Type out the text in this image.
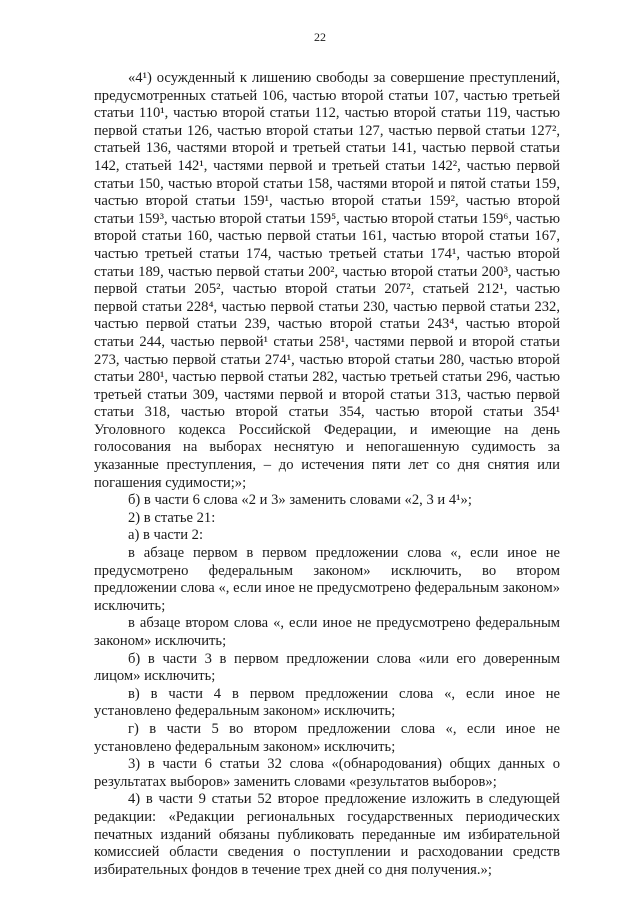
22

«4¹) осужденный к лишению свободы за совершение преступлений, предусмотренных статьей 106, частью второй статьи 107, частью третьей статьи 110¹, частью второй статьи 112, частью второй статьи 119, частью первой статьи 126, частью второй статьи 127, частью первой статьи 127², статьей 136, частями второй и третьей статьи 141, частью первой статьи 142, статьей 142¹, частями первой и третьей статьи 142², частью первой статьи 150, частью второй статьи 158, частями второй и пятой статьи 159, частью второй статьи 159¹, частью второй статьи 159², частью второй статьи 159³, частью второй статьи 159⁵, частью второй статьи 159⁶, частью второй статьи 160, частью первой статьи 161, частью второй статьи 167, частью третьей статьи 174, частью третьей статьи 174¹, частью второй статьи 189, частью первой статьи 200², частью второй статьи 200³, частью первой статьи 205², частью второй статьи 207², статьей 212¹, частью первой статьи 228⁴, частью первой статьи 230, частью первой статьи 232, частью первой статьи 239, частью второй статьи 243⁴, частью второй статьи 244, частью первой¹ статьи 258¹, частями первой и второй статьи 273, частью первой статьи 274¹, частью второй статьи 280, частью второй статьи 280¹, частью первой статьи 282, частью третьей статьи 296, частью третьей статьи 309, частями первой и второй статьи 313, частью первой статьи 318, частью второй статьи 354, частью второй статьи 354¹ Уголовного кодекса Российской Федерации, и имеющие на день голосования на выборах неснятую и непогашенную судимость за указанные преступления, – до истечения пяти лет со дня снятия или погашения судимости;»;

б) в части 6 слова «2 и 3» заменить словами «2, 3 и 4¹»;

2) в статье 21:

а) в части 2:

в абзаце первом в первом предложении слова «, если иное не предусмотрено федеральным законом» исключить, во втором предложении слова «, если иное не предусмотрено федеральным законом» исключить;

в абзаце втором слова «, если иное не предусмотрено федеральным законом» исключить;

б) в части 3 в первом предложении слова «или его доверенным лицом» исключить;

в) в части 4 в первом предложении слова «, если иное не установлено федеральным законом» исключить;

г) в части 5 во втором предложении слова «, если иное не установлено федеральным законом» исключить;

3) в части 6 статьи 32 слова «(обнародования) общих данных о результатах выборов» заменить словами «результатов выборов»;

4) в части 9 статьи 52 второе предложение изложить в следующей редакции: «Редакции региональных государственных периодических печатных изданий обязаны публиковать переданные им избирательной комиссией области сведения о поступлении и расходовании средств избирательных фондов в течение трех дней со дня получения.»;
